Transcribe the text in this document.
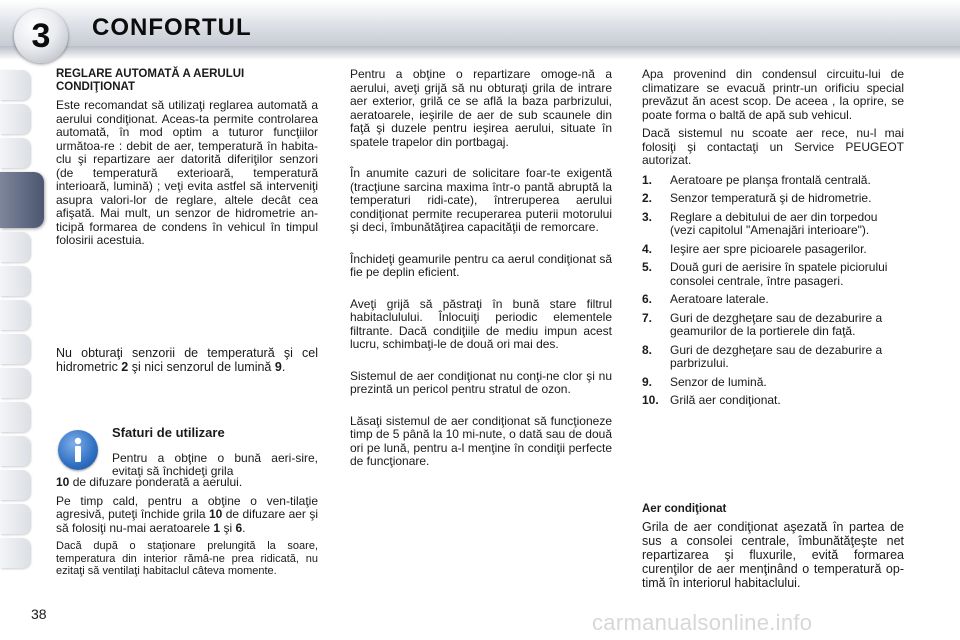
3	CONFORTUL

REGLARE AUTOMATĂ A AERULUI CONDIŢIONAT

Este recomandat să utilizaţi reglarea automată a aerului condiţionat. Aceas-ta permite controlarea automată, în mod optim a tuturor funcţiilor următoa-re : debit de aer, temperatură în habita-clu şi repartizare aer datorită diferiţilor senzori (de temperatură exterioară, temperatură interioară, lumină) ; veţi evita astfel să interveniţi asupra valori-lor de reglare, altele decât cea afişată. Mai mult, un senzor de hidrometrie an-ticipă formarea de condens în vehicul în timpul folosirii acestuia.

Nu obturaţi senzorii de temperatură şi cel hidrometric 2 şi nici senzorul de lumină 9.

Sfaturi de utilizare

Pentru a obţine o bună aeri-sire, evitaţi să închideţi grila

10 de difuzare ponderată a aerului.

Pe timp cald, pentru a obţine o ven-tilaţie agresivă, puteţi închide grila 10 de difuzare aer şi să folosiţi nu-mai aeratoarele 1 şi 6.

Dacă după o staţionare prelungită la soare, temperatura din interior rămâ-ne prea ridicată, nu ezitaţi să ventilaţi habitaclul câteva momente.

Pentru a obţine o repartizare omoge-nă a aerului, aveţi grijă să nu obturaţi grila de intrare aer exterior, grilă ce se află la baza parbrizului, aeratoarele, ieşirile de aer de sub scaunele din faţă şi duzele pentru ieşirea aerului, situate în spatele trapelor din portbagaj.

În anumite cazuri de solicitare foar-te exigentă (tracţiune sarcina maxima într-o pantă abruptă la temperaturi ridi-cate), întreruperea aerului condiţionat permite recuperarea puterii motorului şi deci, îmbunătăţirea capacităţii de remorcare.

Închideţi geamurile pentru ca aerul condiţionat să fie pe deplin eficient.

Aveţi grijă să păstraţi în bună stare filtrul habitaclulului. Înlocuiţi periodic elementele filtrante. Dacă condiţiile de mediu impun acest lucru, schimbaţi-le de două ori mai des.

Sistemul de aer condiţionat nu conţi-ne clor şi nu prezintă un pericol pentru stratul de ozon.

Lăsaţi sistemul de aer condiţionat să funcţioneze timp de 5 până la 10 mi-nute, o dată sau de două ori pe lună, pentru a-l menţine în condiţii perfecte de funcţionare.

Apa provenind din condensul circuitu-lui de climatizare se evacuă printr-un orificiu special prevăzut ăn acest scop. De aceea , la oprire, se poate forma o baltă de apă sub vehicul.

Dacă sistemul nu scoate aer rece, nu-l mai folosiţi şi contactaţi un Service PEUGEOT autorizat.

1. Aeratoare pe planşa frontală centrală.
2. Senzor temperatură şi de hidrometrie.
3. Reglare a debitului de aer din torpedou (vezi capitolul "Amenajări interioare").
4. Ieşire aer spre picioarele pasagerilor.
5. Două guri de aerisire în spatele piciorului consolei centrale, între pasageri.
6. Aeratoare laterale.
7. Guri de dezgheţare sau de dezaburire a geamurilor de la portierele din faţă.
8. Guri de dezgheţare sau de dezaburire a parbrizului.
9. Senzor de lumină.
10. Grilă aer condiţionat.

Aer condiţionat

Grila de aer condiţionat aşezată în partea de sus a consolei centrale, îmbunătăţeşte net repartizarea şi fluxurile, evită formarea curenţilor de aer menţinând o temperatură op-timă în interiorul habitaclului.

38	carmanualsonline.info
